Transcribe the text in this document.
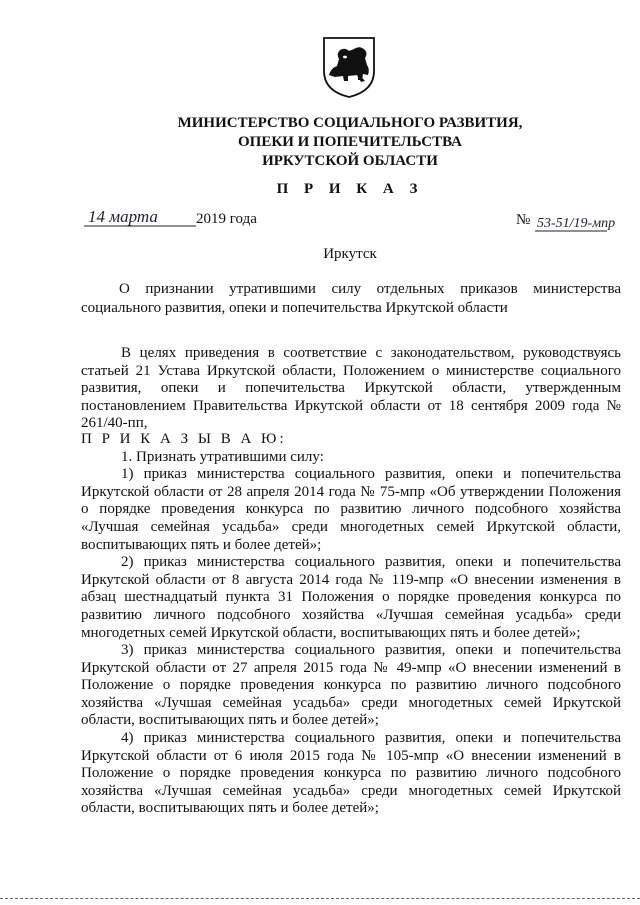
МИНИСТЕРСТВО СОЦИАЛЬНОГО РАЗВИТИЯ,
ОПЕКИ И ПОПЕЧИТЕЛЬСТВА
ИРКУТСКОЙ ОБЛАСТИ
П Р И К А З
14 марта	2019 года	№ 53-51/19-мпр
Иркутск
О признании утратившими силу отдельных приказов министерства социального развития, опеки и попечительства Иркутской области

В целях приведения в соответствие с законодательством, руководствуясь статьей 21 Устава Иркутской области, Положением о министерстве социального развития, опеки и попечительства Иркутской области, утвержденным постановлением Правительства Иркутской области от 18 сентября 2009 года № 261/40-пп,

П Р И К А З Ы В А Ю:

1. Признать утратившими силу:

1) приказ министерства социального развития, опеки и попечительства Иркутской области от 28 апреля 2014 года № 75-мпр «Об утверждении Положения о порядке проведения конкурса по развитию личного подсобного хозяйства «Лучшая семейная усадьба» среди многодетных семей Иркутской области, воспитывающих пять и более детей»;

2) приказ министерства социального развития, опеки и попечительства Иркутской области от 8 августа 2014 года № 119-мпр «О внесении изменения в абзац шестнадцатый пункта 31 Положения о порядке проведения конкурса по развитию личного подсобного хозяйства «Лучшая семейная усадьба» среди многодетных семей Иркутской области, воспитывающих пять и более детей»;

3) приказ министерства социального развития, опеки и попечительства Иркутской области от 27 апреля 2015 года № 49-мпр «О внесении изменений в Положение о порядке проведения конкурса по развитию личного подсобного хозяйства «Лучшая семейная усадьба» среди многодетных семей Иркутской области, воспитывающих пять и более детей»;

4) приказ министерства социального развития, опеки и попечительства Иркутской области от 6 июля 2015 года № 105-мпр «О внесении изменений в Положение о порядке проведения конкурса по развитию личного подсобного хозяйства «Лучшая семейная усадьба» среди многодетных семей Иркутской области, воспитывающих пять и более детей»;
